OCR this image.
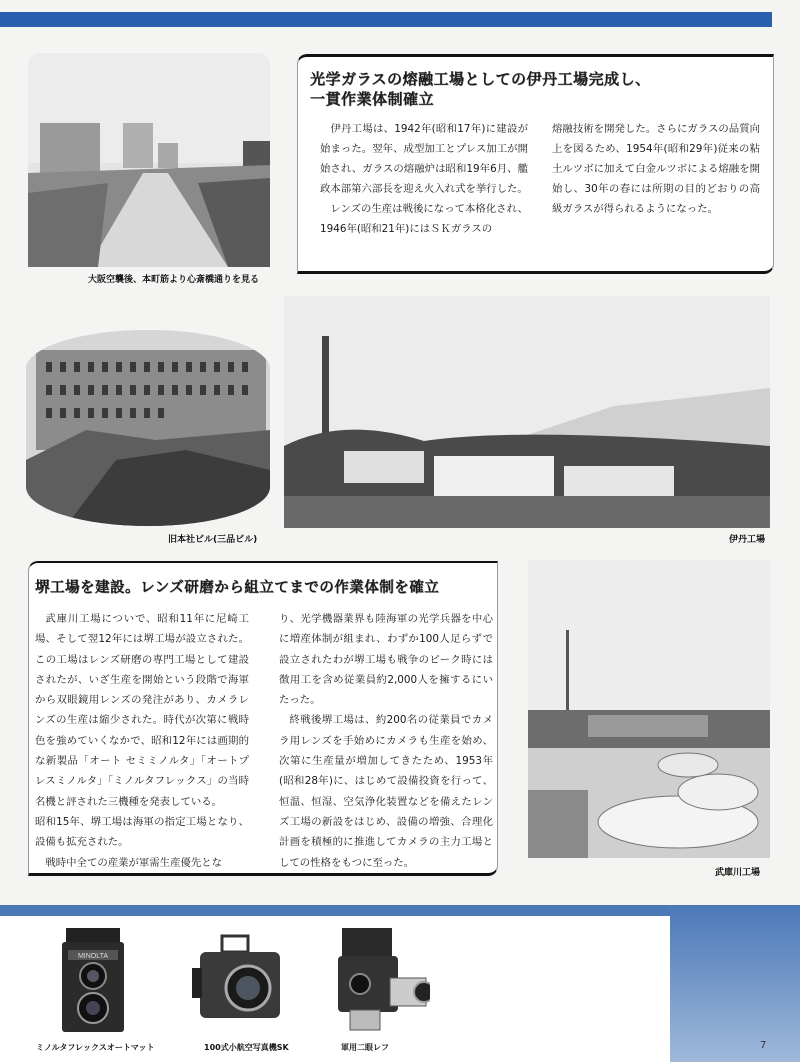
大阪空襲後、本町筋より心斎橋通りを見る
光学ガラスの熔融工場としての伊丹工場完成し、
一貫作業体制確立

伊丹工場は、1942年(昭和17年)に建設が始まった。翌年、成型加工とプレス加工が開始され、ガラスの熔融炉は昭和19年6月、艦政本部第六部長を迎え火入れ式を挙行した。

レンズの生産は戦後になって本格化され、1946年(昭和21年)にはＳＫガラスの

熔融技術を開発した。さらにガラスの品質向上を図るため、1954年(昭和29年)従来の粘土ルツボに加えて白金ルツボによる熔融を開始し、30年の春には所期の目的どおりの高級ガラスが得られるようになった。

旧本社ビル(三品ビル)	伊丹工場
堺工場を建設。レンズ研磨から組立てまでの作業体制を確立

武庫川工場についで、昭和11年に尼崎工場、そして翌12年には堺工場が設立された。この工場はレンズ研磨の専門工場として建設されたが、いざ生産を開始という段階で海軍から双眼鏡用レンズの発注があり、カメラレンズの生産は縮少された。時代が次第に戦時色を強めていくなかで、昭和12年には画期的な新製品「オート セミミノルタ」「オートプレスミノルタ」「ミノルタフレックス」の当時名機と評された三機種を発表している。

昭和15年、堺工場は海軍の指定工場となり、設備も拡充された。

戦時中全ての産業が軍需生産優先とな

り、光学機器業界も陸海軍の光学兵器を中心に増産体制が組まれ、わずか100人足らずで設立されたわが堺工場も戦争のピーク時には徴用工を含め従業員約2,000人を擁するにいたった。

終戦後堺工場は、約200名の従業員でカメラ用レンズを手始めにカメラも生産を始め、次第に生産量が増加してきたため、1953年(昭和28年)に、はじめて設備投資を行って、恒温、恒湿、空気浄化装置などを備えたレンズ工場の新設をはじめ、設備の増強、合理化計画を積極的に推進してカメラの主力工場としての性格をもつに至った。

武庫川工場
MINOLTA
ミノルタフレックスオートマット	100式小航空写真機SK	軍用二眼レフ	7
